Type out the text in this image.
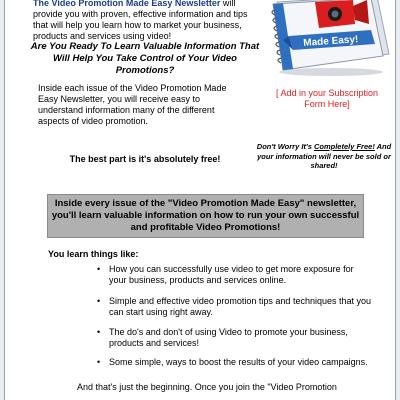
The Video Promotion Made Easy Newsletter will provide you with proven, effective information and tips that will help you learn how to market your business, products and services using video!
Are You Ready To Learn Valuable Information That Will Help You Take Control of Your Video Promotions?
Inside each issue of the Video Promotion Made Easy Newsletter, you will receive easy to understand information many of the different aspects of video promotion.
The best part is it's absolutely free!
Made Easy!
[ Add in your Subscription
Form Here]
Don't Worry It's Completely Free! And your information will never be sold or shared!
Inside every issue of the "Video Promotion Made Easy" newsletter, you'll learn valuable information on how to run your own successful and profitable Video Promotions!
You learn things like:
• How you can successfully use video to get more exposure for your business, products and services online.
• Simple and effective video promotion tips and techniques that you can start using right away.
• The do's and don't of using Video to promote your business, products and services!
• Some simple, ways to boost the results of your video campaigns.
And that's just the beginning. Once you join the "Video Promotion
